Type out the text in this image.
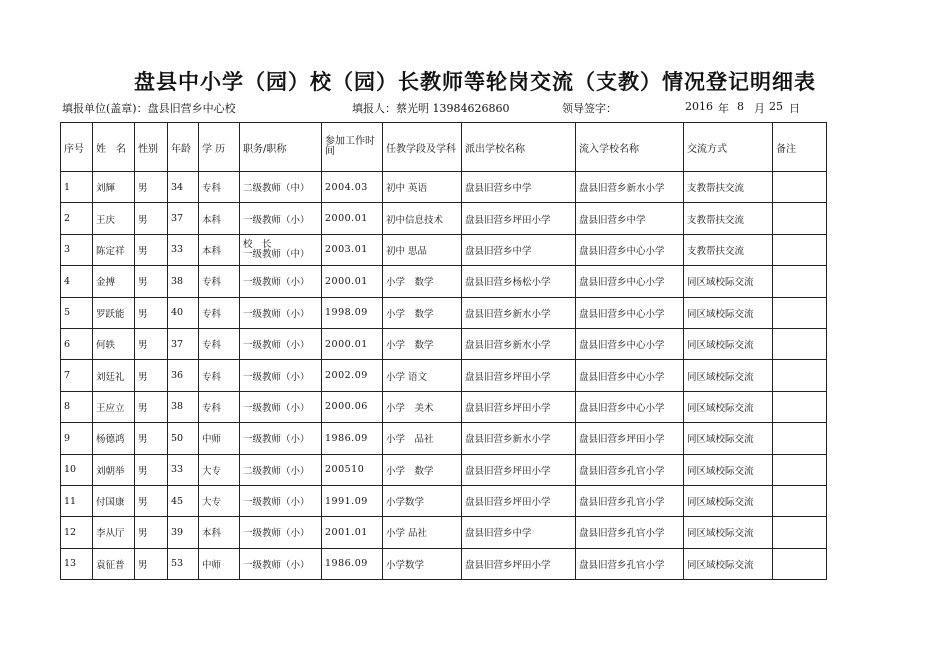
盘县中小学（园）校（园）长教师等轮岗交流（支教）情况登记明细表
填报单位(盖章)：盘县旧营乡中心校	填报人：蔡光明 13984626860	领导签字：	2016 年 8 月 25 日
序号	姓　名	性别	年龄	学 历	职务/职称	参加工作时间	任教学段及学科	派出学校名称	流入学校名称	交流方式	备注
1	刘輝	男	34	专科	二级教师（中）	2004.03	初中 英语	盘县旧营乡中学	盘县旧营乡新水小学	支教帮扶交流	
2	王庆	男	37	本科	一级教师（小）	2000.01	初中信息技术	盘县旧营乡坪田小学	盘县旧营乡中学	支教帮扶交流	
3	陈定祥	男	33	本科	校　长
一级教师（中）	2003.01	初中 思品	盘县旧营乡中学	盘县旧营乡中心小学	支教帮扶交流	
4	金搏	男	38	专科	一级教师（小）	2000.01	小学　数学	盘县旧营乡杨松小学	盘县旧营乡中心小学	同区域校际交流	
5	罗跃能	男	40	专科	一级教师（小）	1998.09	小学　数学	盘县旧营乡新水小学	盘县旧营乡中心小学	同区域校际交流	
6	何轶	男	37	专科	一级教师（小）	2000.01	小学　数学	盘县旧营乡新水小学	盘县旧营乡中心小学	同区域校际交流	
7	刘廷礼	男	36	专科	一级教师（小）	2002.09	小学 语文	盘县旧营乡坪田小学	盘县旧营乡中心小学	同区域校际交流	
8	王应立	男	38	专科	一级教师（小）	2000.06	小学　美术	盘县旧营乡坪田小学	盘县旧营乡中心小学	同区域校际交流	
9	杨德鸿	男	50	中师	一级教师（小）	1986.09	小学　品社	盘县旧营乡新水小学	盘县旧营乡坪田小学	同区域校际交流	
10	刘朝举	男	33	大专	二级教师（小）	200510	小学　数学	盘县旧营乡坪田小学	盘县旧营乡孔官小学	同区域校际交流	
11	付国康	男	45	大专	一级教师（小）	1991.09	小学数学	盘县旧营乡坪田小学	盘县旧营乡孔官小学	同区域校际交流	
12	李从厅	男	39	本科	一级教师（小）	2001.01	小学 品社	盘县旧营乡中学	盘县旧营乡孔官小学	同区域校际交流	
13	袁征普	男	53	中师	一级教师（小）	1986.09	小学数学	盘县旧营乡坪田小学	盘县旧营乡孔官小学	同区域校际交流	
